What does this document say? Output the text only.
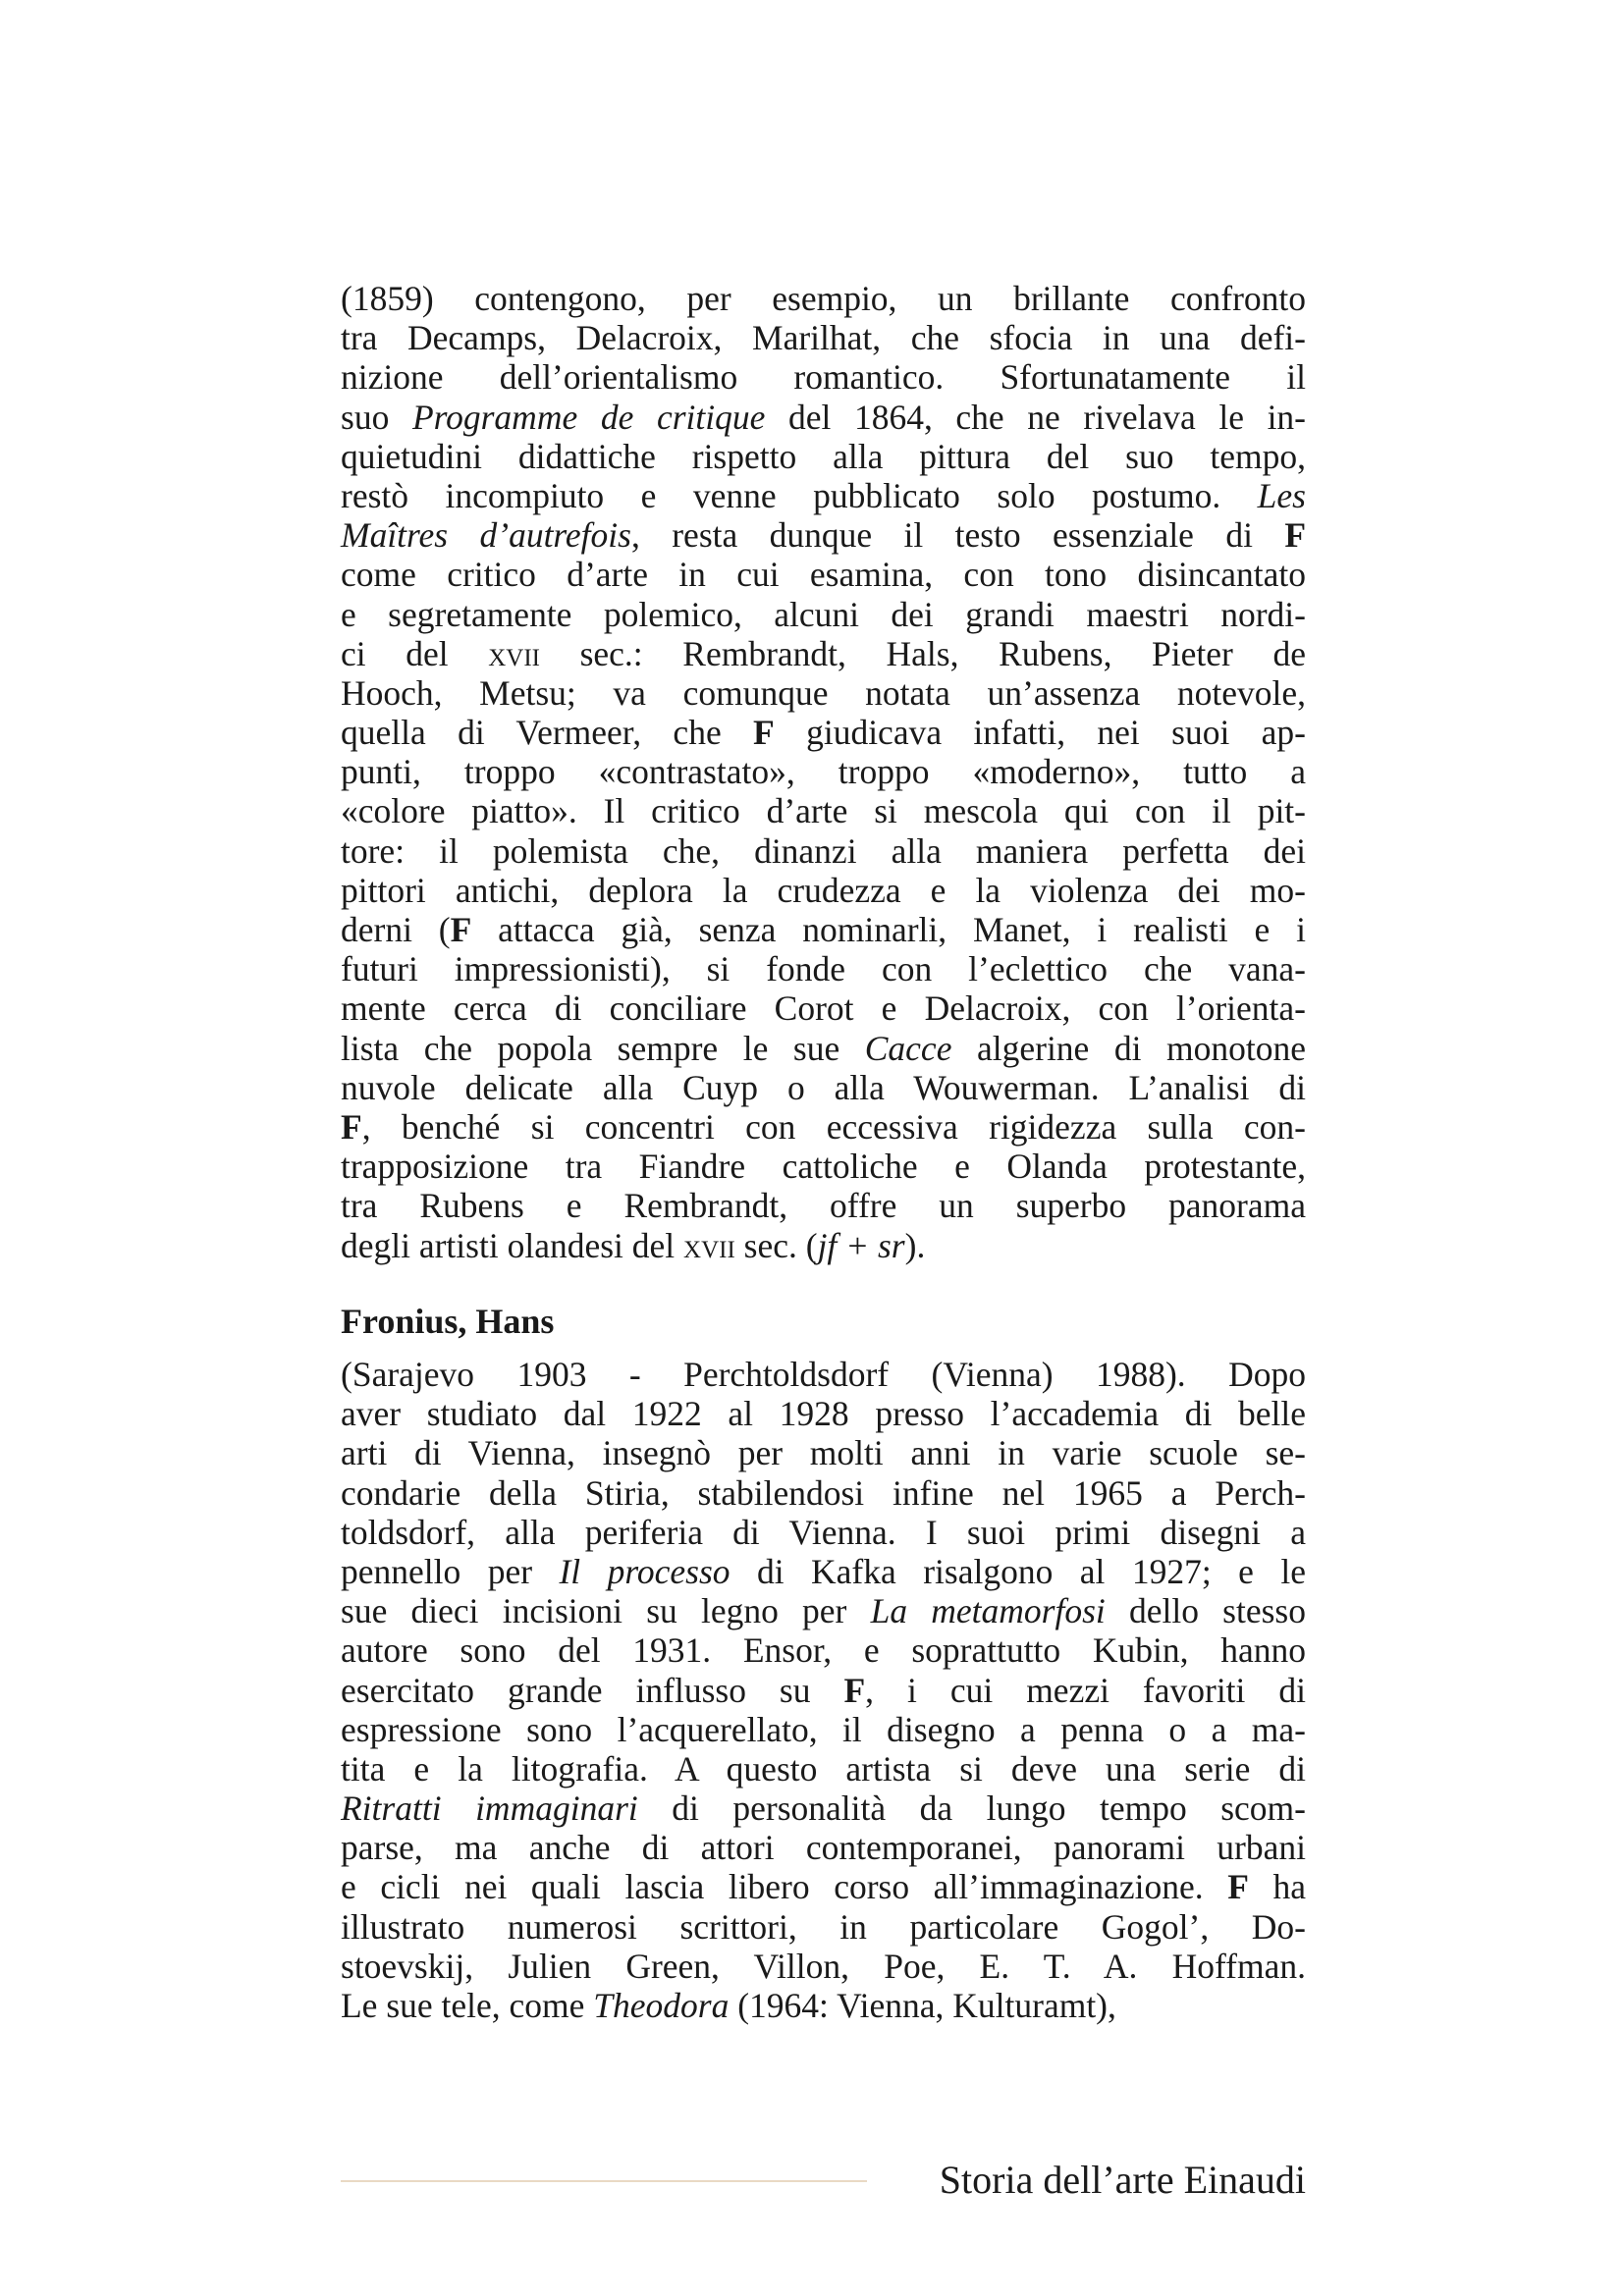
(1859) contengono, per esempio, un brillante confronto
tra Decamps, Delacroix, Marilhat, che sfocia in una defi-
nizione dell’orientalismo romantico. Sfortunatamente il
suo Programme de critique del 1864, che ne rivelava le in-
quietudini didattiche rispetto alla pittura del suo tempo,
restò incompiuto e venne pubblicato solo postumo. Les
Maîtres d’autrefois, resta dunque il testo essenziale di F
come critico d’arte in cui esamina, con tono disincantato
e segretamente polemico, alcuni dei grandi maestri nordi-
ci del xvii sec.: Rembrandt, Hals, Rubens, Pieter de
Hooch, Metsu; va comunque notata un’assenza notevole,
quella di Vermeer, che F giudicava infatti, nei suoi ap-
punti, troppo «contrastato», troppo «moderno», tutto a
«colore piatto». Il critico d’arte si mescola qui con il pit-
tore: il polemista che, dinanzi alla maniera perfetta dei
pittori antichi, deplora la crudezza e la violenza dei mo-
derni (F attacca già, senza nominarli, Manet, i realisti e i
futuri impressionisti), si fonde con l’eclettico che vana-
mente cerca di conciliare Corot e Delacroix, con l’orienta-
lista che popola sempre le sue Cacce algerine di monotone
nuvole delicate alla Cuyp o alla Wouwerman. L’analisi di
F, benché si concentri con eccessiva rigidezza sulla con-
trapposizione tra Fiandre cattoliche e Olanda protestante,
tra Rubens e Rembrandt, offre un superbo panorama
degli artisti olandesi del xvii sec. (jf + sr).
Fronius, Hans
(Sarajevo 1903 - Perchtoldsdorf (Vienna) 1988). Dopo
aver studiato dal 1922 al 1928 presso l’accademia di belle
arti di Vienna, insegnò per molti anni in varie scuole se-
condarie della Stiria, stabilendosi infine nel 1965 a Perch-
toldsdorf, alla periferia di Vienna. I suoi primi disegni a
pennello per Il processo di Kafka risalgono al 1927; e le
sue dieci incisioni su legno per La metamorfosi dello stesso
autore sono del 1931. Ensor, e soprattutto Kubin, hanno
esercitato grande influsso su F, i cui mezzi favoriti di
espressione sono l’acquerellato, il disegno a penna o a ma-
tita e la litografia. A questo artista si deve una serie di
Ritratti immaginari di personalità da lungo tempo scom-
parse, ma anche di attori contemporanei, panorami urbani
e cicli nei quali lascia libero corso all’immaginazione. F ha
illustrato numerosi scrittori, in particolare Gogol’, Do-
stoevskij, Julien Green, Villon, Poe, E. T. A. Hoffman.
Le sue tele, come Theodora (1964: Vienna, Kulturamt),
Storia dell’arte Einaudi
